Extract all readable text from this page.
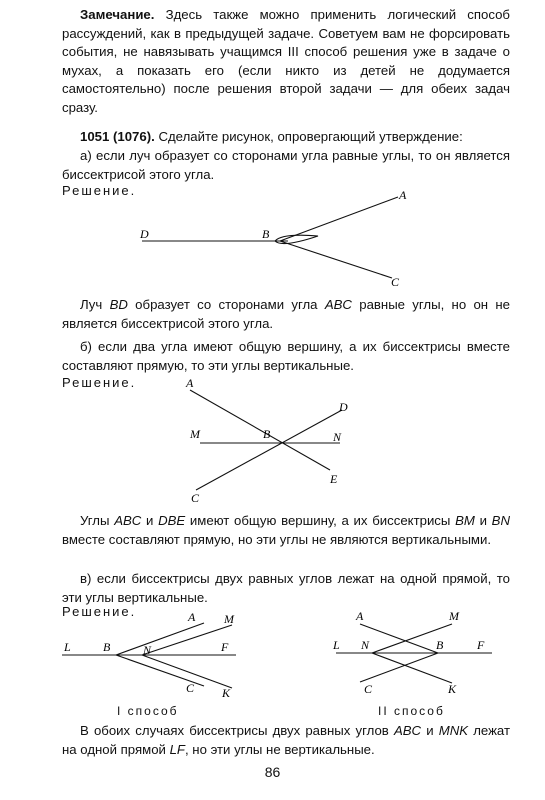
Замечание. Здесь также можно применить логический способ рассуждений, как в предыдущей задаче. Советуем вам не форсировать события, не навязывать учащимся III способ решения уже в задаче о мухах, а показать его (если никто из детей не додумается самостоятельно) после решения второй задачи — для обеих задач сразу.

1051 (1076). Сделайте рисунок, опровергающий утверждение:

а) если луч образует со сторонами угла равные углы, то он является биссектрисой этого угла.

Решение.
D	B
A
C

Луч BD образует со сторонами угла ABC равные углы, но он не является биссектрисой этого угла.

б) если два угла имеют общую вершину, а их биссектрисы вместе составляют прямую, то эти углы вертикальные.

Решение.	A
M	B
D
N
E
C

Углы ABC и DBE имеют общую вершину, а их биссектрисы BM и BN вместе составляют прямую, но эти углы не являются вертикальными.

в) если биссектрисы двух равных углов лежат на одной прямой, то эти углы вертикальные.

Решение.
L	B	N
A M
F
C K
I способ
L N	B
A	M
F
C	K
II способ

В обоих случаях биссектрисы двух равных углов ABC и MNK лежат на одной прямой LF, но эти углы не вертикальные.

86
